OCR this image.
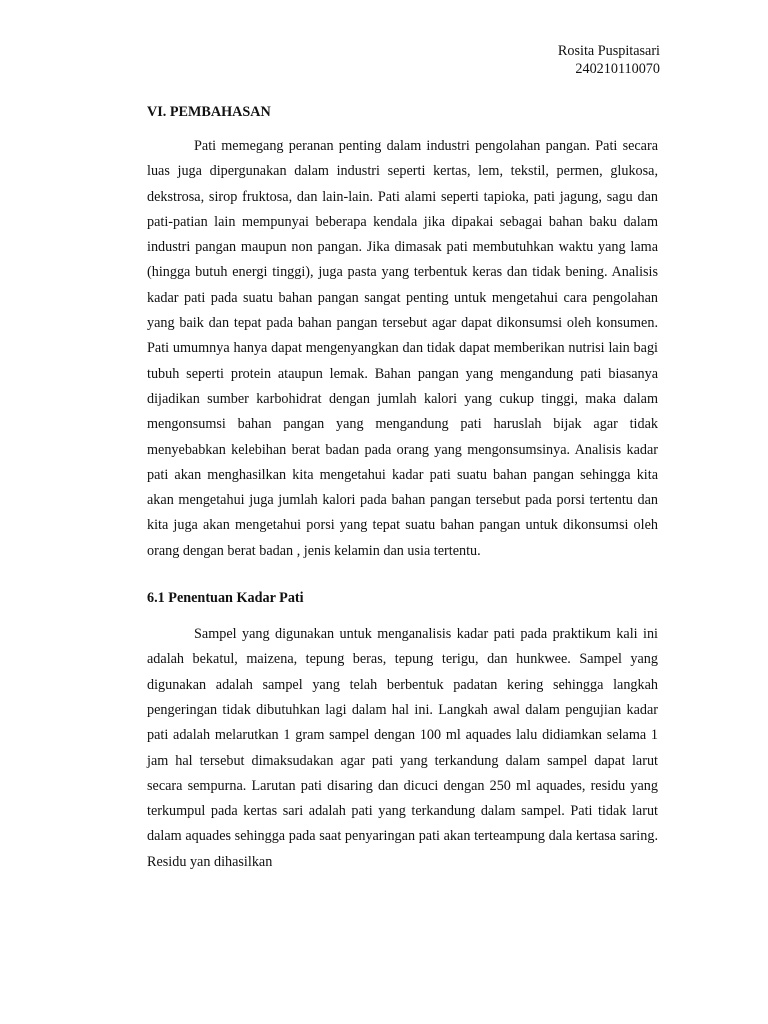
Rosita Puspitasari
240210110070
VI. PEMBAHASAN

Pati memegang peranan penting dalam industri pengolahan pangan. Pati secara luas juga dipergunakan dalam industri seperti kertas, lem, tekstil, permen, glukosa, dekstrosa, sirop fruktosa, dan lain-lain. Pati alami seperti tapioka, pati jagung, sagu dan pati-patian lain mempunyai beberapa kendala jika dipakai sebagai bahan baku dalam industri pangan maupun non pangan. Jika dimasak pati membutuhkan waktu yang lama (hingga butuh energi tinggi), juga pasta yang terbentuk keras dan tidak bening. Analisis kadar pati pada suatu bahan pangan sangat penting untuk mengetahui cara pengolahan yang baik dan tepat pada bahan pangan tersebut agar dapat dikonsumsi oleh konsumen. Pati umumnya hanya dapat mengenyangkan dan tidak dapat memberikan nutrisi lain bagi tubuh seperti protein ataupun lemak. Bahan pangan yang mengandung pati biasanya dijadikan sumber karbohidrat dengan jumlah kalori yang cukup tinggi, maka dalam mengonsumsi bahan pangan yang mengandung pati haruslah bijak agar tidak menyebabkan kelebihan berat badan pada orang yang mengonsumsinya. Analisis kadar pati akan menghasilkan kita mengetahui kadar pati suatu bahan pangan sehingga kita akan mengetahui juga jumlah kalori pada bahan pangan tersebut pada porsi tertentu dan kita juga akan mengetahui porsi yang tepat suatu bahan pangan untuk dikonsumsi oleh orang dengan berat badan , jenis kelamin dan usia tertentu.

6.1 Penentuan Kadar Pati

Sampel yang digunakan untuk menganalisis kadar pati pada praktikum kali ini adalah bekatul, maizena, tepung beras, tepung terigu, dan hunkwee. Sampel yang digunakan adalah sampel yang telah berbentuk padatan kering sehingga langkah pengeringan tidak dibutuhkan lagi dalam hal ini. Langkah awal dalam pengujian kadar pati adalah melarutkan 1 gram sampel dengan 100 ml aquades lalu didiamkan selama 1 jam hal tersebut dimaksudakan agar pati yang terkandung dalam sampel dapat larut secara sempurna. Larutan pati disaring dan dicuci dengan 250 ml aquades, residu yang terkumpul pada kertas sari adalah pati yang terkandung dalam sampel. Pati tidak larut dalam aquades sehingga pada saat penyaringan pati akan terteampung dala kertasa saring. Residu yan dihasilkan
